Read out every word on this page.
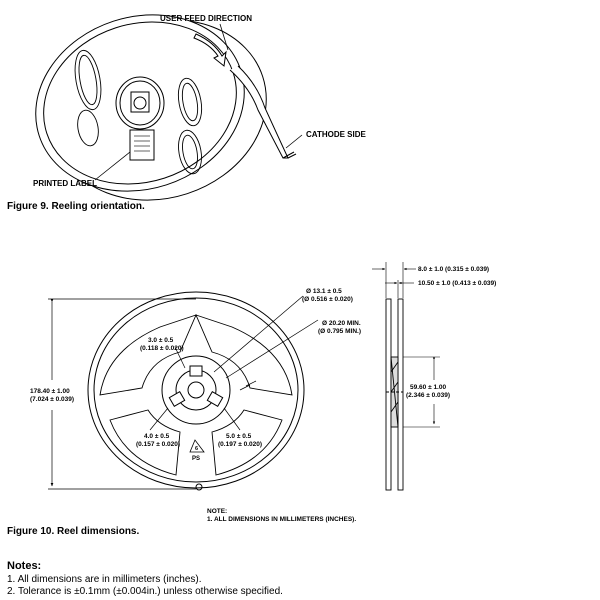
USER FEED DIRECTION
CATHODE SIDE
PRINTED LABEL
Figure 9. Reeling orientation.
Ø 13.1 ± 0.5
(Ø 0.516 ± 0.020)
Ø 20.20 MIN.
(Ø 0.795 MIN.)
3.0 ± 0.5
(0.118 ± 0.020)
178.40 ± 1.00
(7.024 ± 0.039)
4.0 ± 0.5
(0.157 ± 0.020)
5.0 ± 0.5
(0.197 ± 0.020)
6
PS
8.0 ± 1.0 (0.315 ± 0.039)
10.50 ± 1.0 (0.413 ± 0.039)
59.60 ± 1.00
(2.346 ± 0.039)
NOTE:
1. ALL DIMENSIONS IN MILLIMETERS (INCHES).
Figure 10. Reel dimensions.
Notes:
1. All dimensions are in millimeters (inches).
2. Tolerance is ±0.1mm (±0.004in.) unless otherwise specified.
